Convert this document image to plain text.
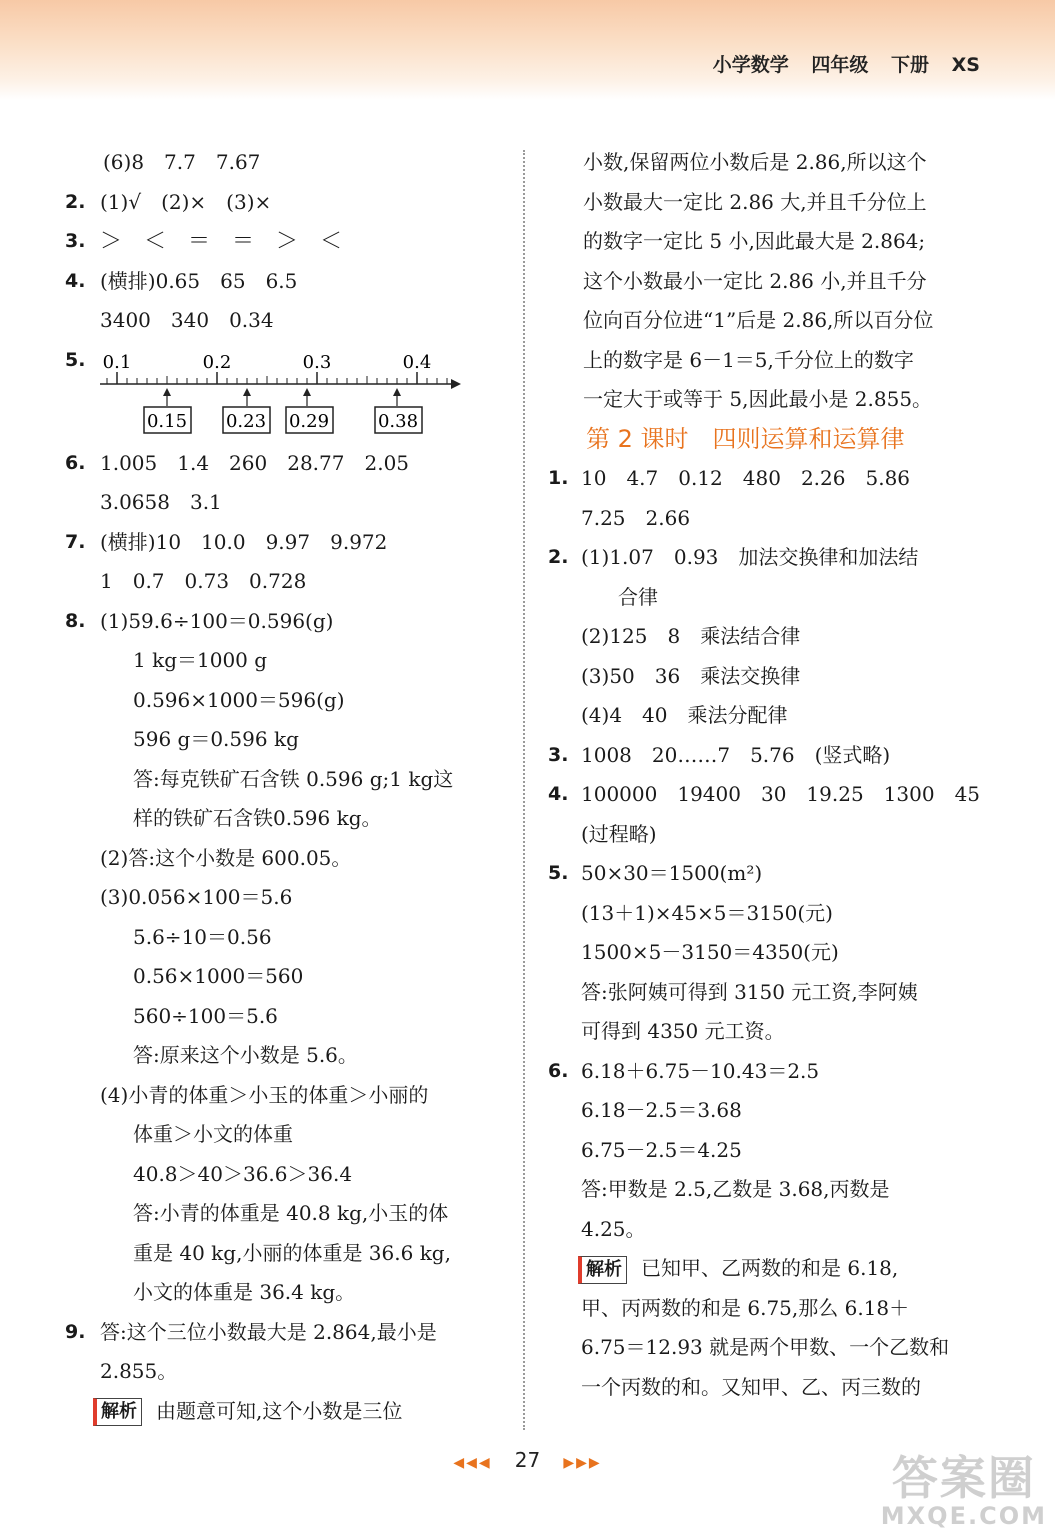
小学数学 四年级 下册 XS
(6)8　7.7　7.67
2. (1)√　(2)×　(3)×
3. ＞　＜　＝　＝　＞　＜
4. (横排)0.65　65　6.5
3400　340　0.34
5. 0.1	0.2	0.3	0.4
0.15 0.23 0.29	0.38
6. 1.005　1.4　260　28.77　2.05
3.0658　3.1
7. (横排)10　10.0　9.97　9.972
1　0.7　0.73　0.728
8. (1)59.6÷100＝0.596(g)
1 kg＝1000 g
0.596×1000＝596(g)
596 g＝0.596 kg
答:每克铁矿石含铁 0.596 g;1 kg这
样的铁矿石含铁0.596 kg。
(2)答:这个小数是 600.05。
(3)0.056×100＝5.6
5.6÷10＝0.56
0.56×1000＝560
560÷100＝5.6
答:原来这个小数是 5.6。
(4)小青的体重＞小玉的体重＞小丽的
体重＞小文的体重
40.8＞40＞36.6＞36.4
答:小青的体重是 40.8 kg,小玉的体
重是 40 kg,小丽的体重是 36.6 kg,
小文的体重是 36.4 kg。
9. 答:这个三位小数最大是 2.864,最小是
2.855。
解析 由题意可知,这个小数是三位
小数,保留两位小数后是 2.86,所以这个
小数最大一定比 2.86 大,并且千分位上
的数字一定比 5 小,因此最大是 2.864;
这个小数最小一定比 2.86 小,并且千分
位向百分位进“1”后是 2.86,所以百分位
上的数字是 6－1＝5,千分位上的数字
一定大于或等于 5,因此最小是 2.855。
第 2 课时　四则运算和运算律
1. 10　4.7　0.12　480　2.26　5.86
7.25　2.66
2. (1)1.07　0.93　加法交换律和加法结
合律
(2)125　8　乘法结合律
(3)50　36　乘法交换律
(4)4　40　乘法分配律
3. 1008　20……7　5.76　(竖式略)
4. 100000　19400　30　19.25　1300　45
(过程略)
5. 50×30＝1500(m²)
(13＋1)×45×5＝3150(元)
1500×5－3150＝4350(元)
答:张阿姨可得到 3150 元工资,李阿姨
可得到 4350 元工资。
6. 6.18＋6.75－10.43＝2.5
6.18－2.5＝3.68
6.75－2.5＝4.25
答:甲数是 2.5,乙数是 3.68,丙数是
4.25。
解析 已知甲、乙两数的和是 6.18,
甲、丙两数的和是 6.75,那么 6.18＋
6.75＝12.93 就是两个甲数、一个乙数和
一个丙数的和。又知甲、乙、丙三数的
◀◀◀ 27 ▶▶▶	答案圈
MXQE.COM
